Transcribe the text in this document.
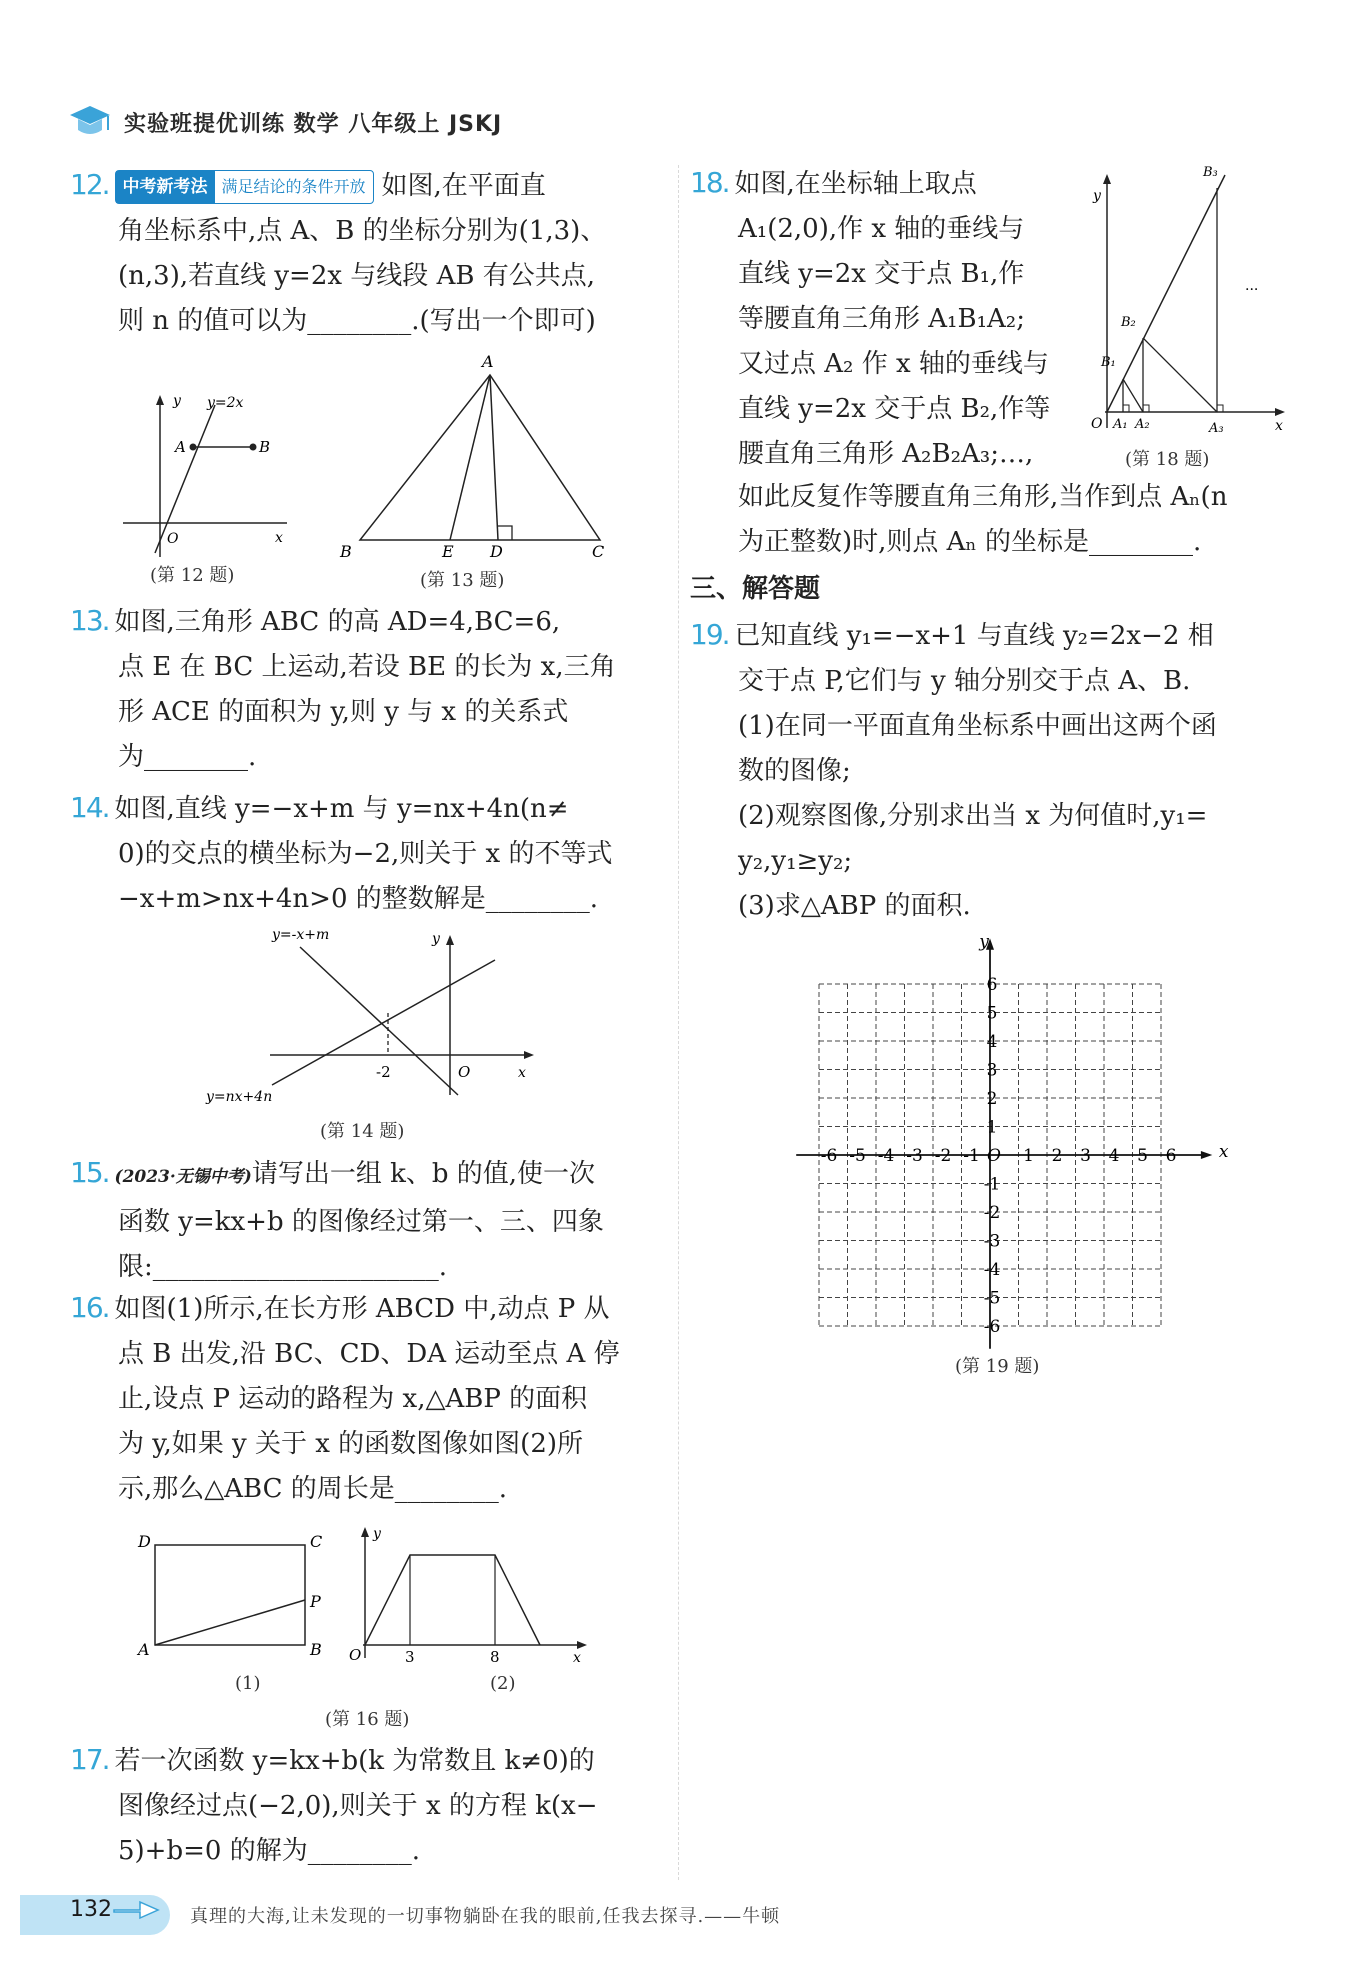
实验班提优训练 数学 八年级上 JSKJ
12. 中考新考法 满足结论的条件开放 如图,在平面直
角坐标系中,点 A、B 的坐标分别为(1,3)、
(n,3),若直线 y=2x 与线段 AB 有公共点,
则 n 的值可以为________.(写出一个即可)
y y=2x
A	B
O	x
(第 12 题)
A
B	E D	C
(第 13 题)
13. 如图,三角形 ABC 的高 AD=4,BC=6,
点 E 在 BC 上运动,若设 BE 的长为 x,三角
形 ACE 的面积为 y,则 y 与 x 的关系式
为________.
14. 如图,直线 y=−x+m 与 y=nx+4n(n≠
0)的交点的横坐标为−2,则关于 x 的不等式
−x+m>nx+4n>0 的整数解是________.
y=-x+m
y=nx+4n
y
x
O
-2
(第 14 题)
15. (2023·无锡中考)请写出一组 k、b 的值,使一次
函数 y=kx+b 的图像经过第一、三、四象
限:______________________.
16. 如图(1)所示,在长方形 ABCD 中,动点 P 从
点 B 出发,沿 BC、CD、DA 运动至点 A 停
止,设点 P 运动的路程为 x,△ABP 的面积
为 y,如果 y 关于 x 的函数图像如图(2)所
示,那么△ABC 的周长是________.
D	C
P
A	B
(1)
y
O	3	8	x
(2)
(第 16 题)
17. 若一次函数 y=kx+b(k 为常数且 k≠0)的
图像经过点(−2,0),则关于 x 的方程 k(x−
5)+b=0 的解为________.
18. 如图,在坐标轴上取点
A₁(2,0),作 x 轴的垂线与
直线 y=2x 交于点 B₁,作
等腰直角三角形 A₁B₁A₂;
又过点 A₂ 作 x 轴的垂线与
直线 y=2x 交于点 B₂,作等
腰直角三角形 A₂B₂A₃;…,
如此反复作等腰直角三角形,当作到点 Aₙ(n
为正整数)时,则点 Aₙ 的坐标是________.
y
O	x
A₁ A₂	A₃
B₁
B₂
B₃
...
(第 18 题)
三、解答题
19. 已知直线 y₁=−x+1 与直线 y₂=2x−2 相
交于点 P,它们与 y 轴分别交于点 A、B.
(1)在同一平面直角坐标系中画出这两个函
数的图像;
(2)观察图像,分别求出当 x 为何值时,y₁=
y₂,y₁≥y₂;
(3)求△ABP 的面积.
-6 -5 -4 -3 -2 -1	1 2 3 4 5 6
6
5
4
3
2
1
-1
-2
-3
-4
-5
-6
O	x
y
(第 19 题)
132	真理的大海,让未发现的一切事物躺卧在我的眼前,任我去探寻.——牛顿
